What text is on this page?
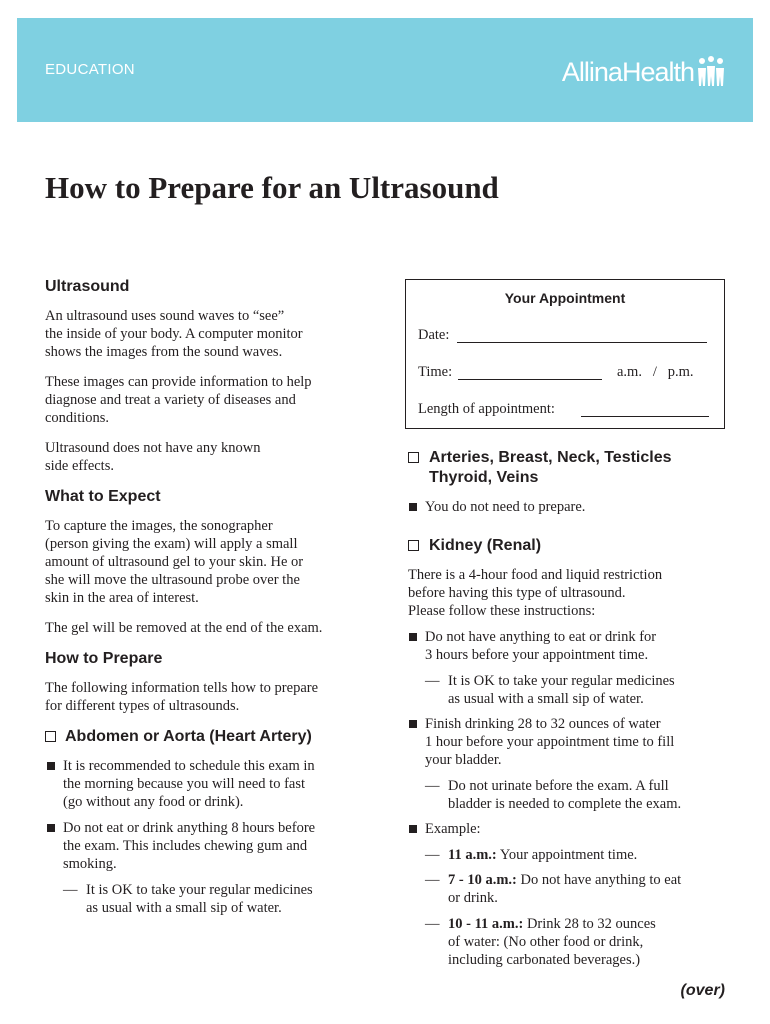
EDUCATION	AllinaHealth
How to Prepare for an Ultrasound
Ultrasound
An ultrasound uses sound waves to “see”
the inside of your body. A computer monitor
shows the images from the sound waves.
These images can provide information to help
diagnose and treat a variety of diseases and
conditions.
Ultrasound does not have any known
side effects.
What to Expect
To capture the images, the sonographer
(person giving the exam) will apply a small
amount of ultrasound gel to your skin. He or
she will move the ultrasound probe over the
skin in the area of interest.
The gel will be removed at the end of the exam.
How to Prepare
The following information tells how to prepare
for different types of ultrasounds.
Abdomen or Aorta (Heart Artery)
It is recommended to schedule this exam in
the morning because you will need to fast
(go without any food or drink).
Do not eat or drink anything 8 hours before
the exam. This includes chewing gum and
smoking.
— It is OK to take your regular medicines
as usual with a small sip of water.
Your Appointment
Date:
Time:	a.m.   /   p.m.
Length of appointment:
Arteries, Breast, Neck, Testicles
Thyroid, Veins
You do not need to prepare.
Kidney (Renal)
There is a 4-hour food and liquid restriction
before having this type of ultrasound.
Please follow these instructions:
Do not have anything to eat or drink for
3 hours before your appointment time.
— It is OK to take your regular medicines
as usual with a small sip of water.
Finish drinking 28 to 32 ounces of water
1 hour before your appointment time to fill
your bladder.
— Do not urinate before the exam. A full
bladder is needed to complete the exam.
Example:
— 11 a.m.: Your appointment time.
— 7 - 10 a.m.: Do not have anything to eat
or drink.
— 10 - 11 a.m.: Drink 28 to 32 ounces
of water: (No other food or drink,
including carbonated beverages.)
(over)
